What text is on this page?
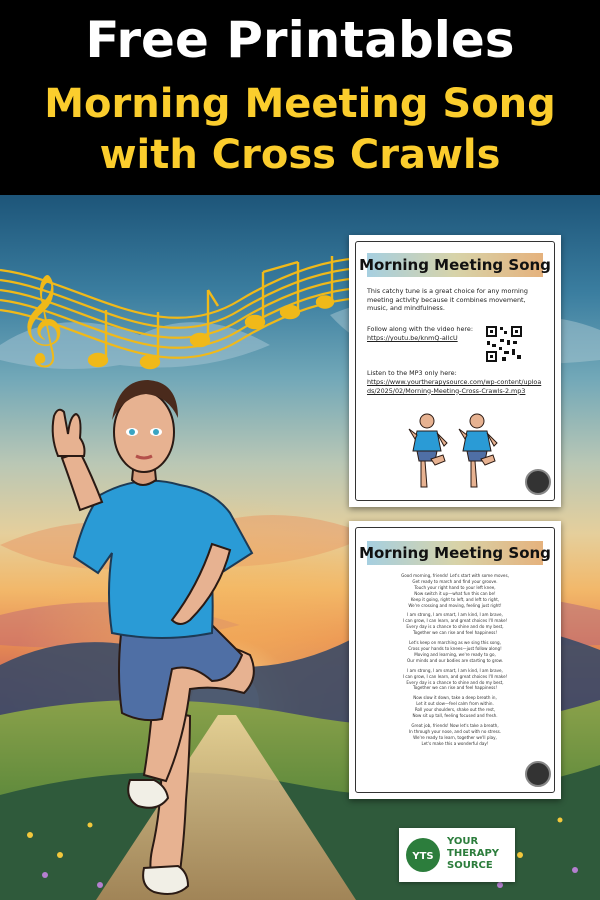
Free Printables
Morning Meeting Song
with Cross Crawls
𝄞
Morning Meeting Song
This catchy tune is a great choice for any morning meeting activity because it combines movement, music, and mindfulness.
Follow along with the video here:
https://youtu.be/knmQ-aIlcU
Listen to the MP3 only here:
https://www.yourtherapysource.com/wp-content/uploads/2025/02/Morning-Meeting-Cross-Crawls-2.mp3
Morning Meeting Song
Good morning, friends! Let's start with some moves,
Get ready to march and find your groove.
Touch your right hand to your left knee,
Now switch it up—what fun this can be!
Keep it going, right to left, and left to right,
We're crossing and moving, feeling just right!
I am strong, I am smart, I am kind, I am brave,
I can grow, I can learn, and great choices I'll make!
Every day is a chance to shine and do my best,
Together we can rise and feel happiness!
Let's keep on marching as we sing this song,
Cross your hands to knees—just follow along!
Moving and learning, we're ready to go,
Our minds and our bodies are starting to grow.
I am strong, I am smart, I am kind, I am brave,
I can grow, I can learn, and great choices I'll make!
Every day is a chance to shine and do my best,
Together we can rise and feel happiness!
Now slow it down, take a deep breath in,
Let it out slow—feel calm from within.
Roll your shoulders, shake out the rest,
Now sit up tall, feeling focused and fresh.
Great job, friends! Now let's take a breath,
In through your nose, and out with no stress.
We're ready to learn, together we'll play,
Let's make this a wonderful day!
YTS
YOUR
THERAPY
SOURCE
